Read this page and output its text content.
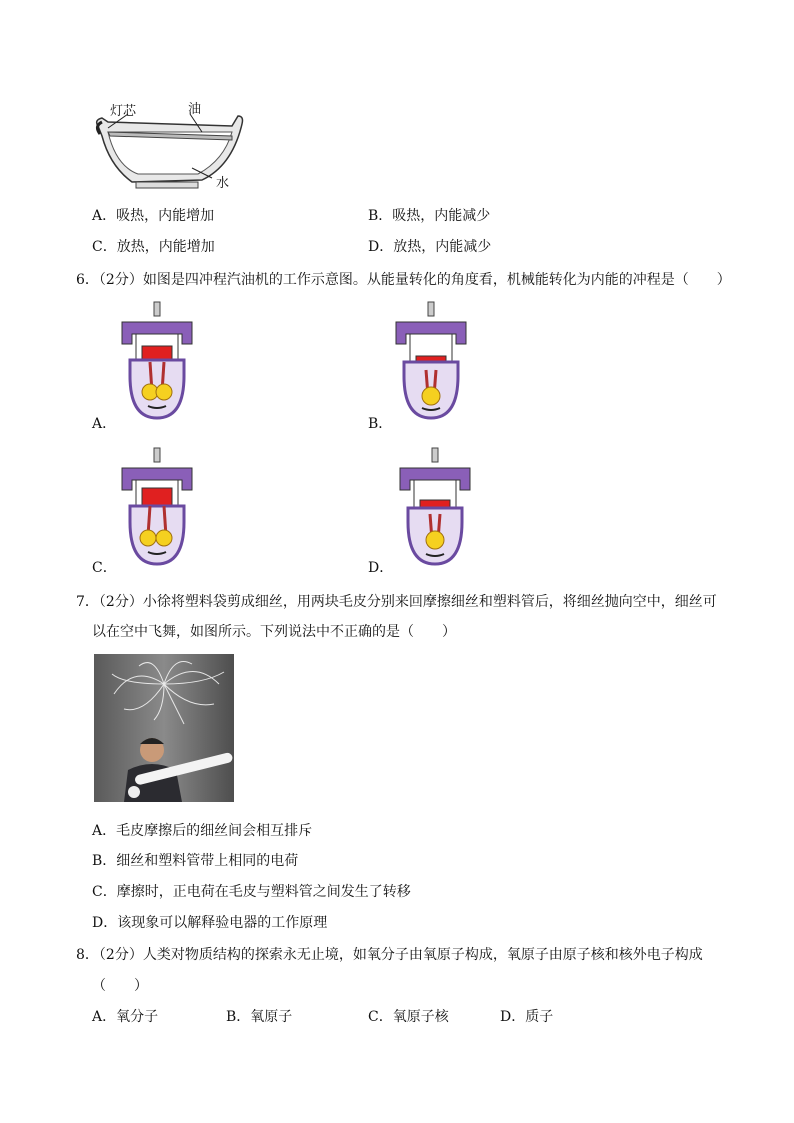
灯芯	油
水
A．吸热，内能增加	B．吸热，内能减少
C．放热，内能增加	D．放热，内能减少
6．（2分）如图是四冲程汽油机的工作示意图。从能量转化的角度看，机械能转化为内能的冲程是（　　）
A．	B．
C．	D．
7．（2分）小徐将塑料袋剪成细丝，用两块毛皮分别来回摩擦细丝和塑料管后，将细丝抛向空中，细丝可
以在空中飞舞，如图所示。下列说法中不正确的是（　　）
A．毛皮摩擦后的细丝间会相互排斥
B．细丝和塑料管带上相同的电荷
C．摩擦时，正电荷在毛皮与塑料管之间发生了转移
D．该现象可以解释验电器的工作原理
8．（2分）人类对物质结构的探索永无止境，如氧分子由氧原子构成，氧原子由原子核和核外电子构成
（　　）
A．氧分子	B．氧原子	C．氧原子核	D．质子
